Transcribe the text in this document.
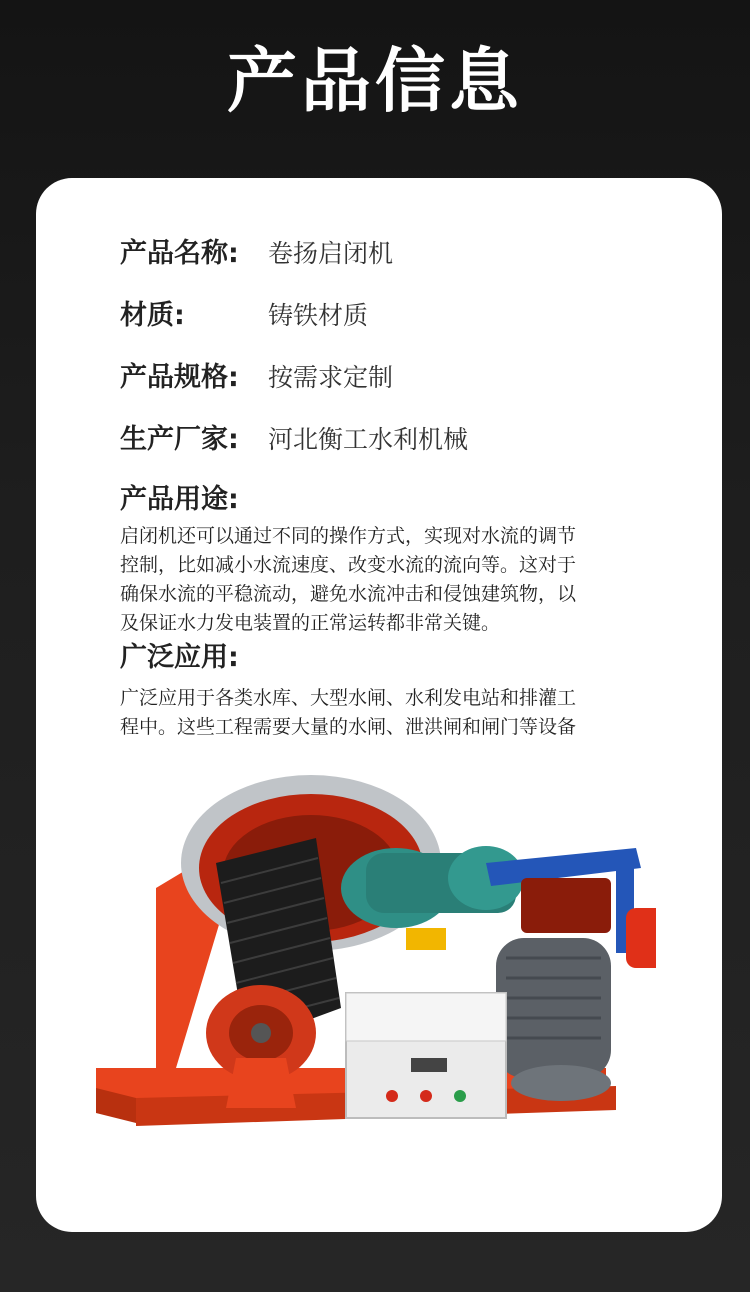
产品信息
产品名称: 卷扬启闭机
材质:	铸铁材质
产品规格: 按需求定制
生产厂家: 河北衡工水利机械
产品用途:
启闭机还可以通过不同的操作方式，实现对水流的调节
控制，比如减小水流速度、改变水流的流向等。这对于
确保水流的平稳流动，避免水流冲击和侵蚀建筑物，以
及保证水力发电装置的正常运转都非常关键。
广泛应用:
广泛应用于各类水库、大型水闸、水利发电站和排灌工
程中。这些工程需要大量的水闸、泄洪闸和闸门等设备
